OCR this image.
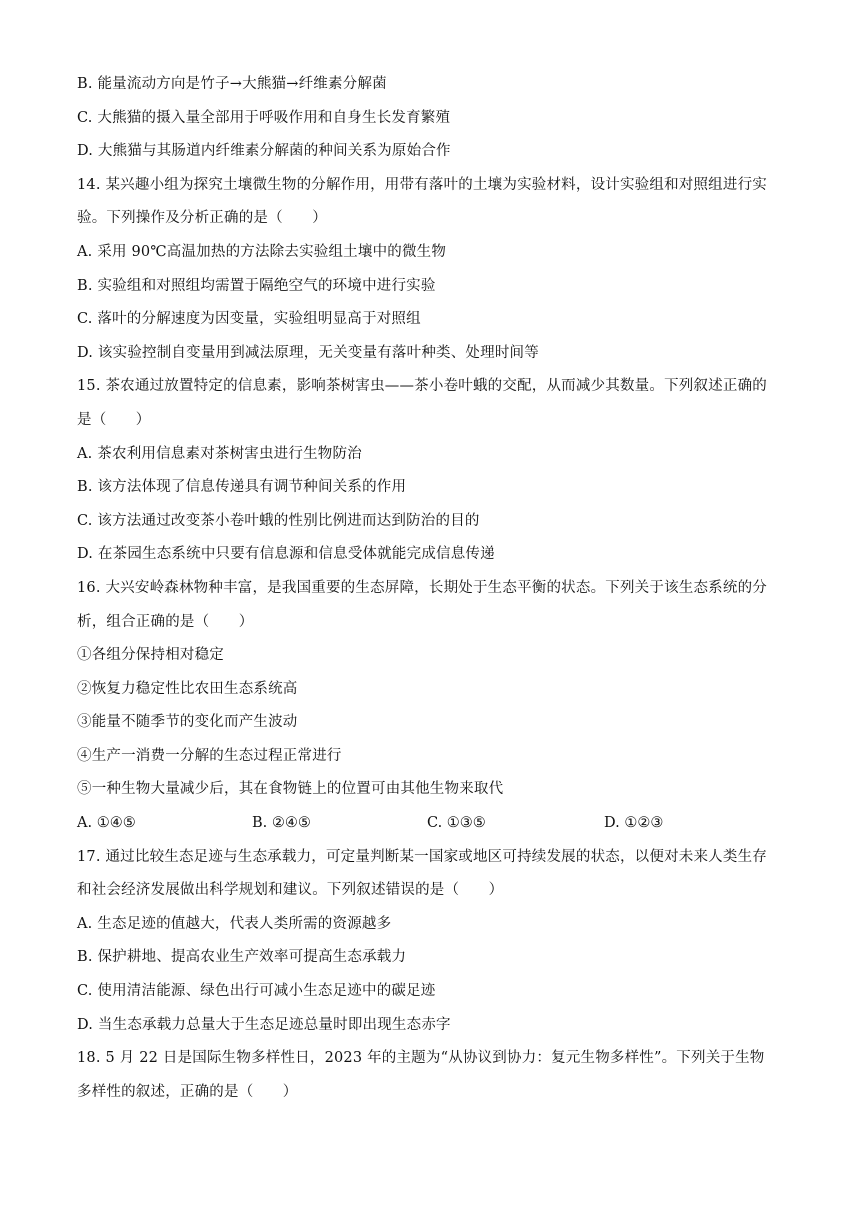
B. 能量流动方向是竹子→大熊猫→纤维素分解菌
C. 大熊猫的摄入量全部用于呼吸作用和自身生长发育繁殖
D. 大熊猫与其肠道内纤维素分解菌的种间关系为原始合作
14. 某兴趣小组为探究土壤微生物的分解作用，用带有落叶的土壤为实验材料，设计实验组和对照组进行实
验。下列操作及分析正确的是（　　）
A. 采用 90℃高温加热的方法除去实验组土壤中的微生物
B. 实验组和对照组均需置于隔绝空气的环境中进行实验
C. 落叶的分解速度为因变量，实验组明显高于对照组
D. 该实验控制自变量用到减法原理，无关变量有落叶种类、处理时间等
15. 茶农通过放置特定的信息素，影响茶树害虫——茶小卷叶蛾的交配，从而减少其数量。下列叙述正确的
是（　　）
A. 茶农利用信息素对茶树害虫进行生物防治
B. 该方法体现了信息传递具有调节种间关系的作用
C. 该方法通过改变茶小卷叶蛾的性别比例进而达到防治的目的
D. 在茶园生态系统中只要有信息源和信息受体就能完成信息传递
16. 大兴安岭森林物种丰富，是我国重要的生态屏障，长期处于生态平衡的状态。下列关于该生态系统的分
析，组合正确的是（　　）
①各组分保持相对稳定
②恢复力稳定性比农田生态系统高
③能量不随季节的变化而产生波动
④生产一消费一分解的生态过程正常进行
⑤一种生物大量减少后，其在食物链上的位置可由其他生物来取代
A. ①④⑤	B. ②④⑤	C. ①③⑤	D. ①②③
17. 通过比较生态足迹与生态承载力，可定量判断某一国家或地区可持续发展的状态，以便对未来人类生存
和社会经济发展做出科学规划和建议。下列叙述错误的是（　　）
A. 生态足迹的值越大，代表人类所需的资源越多
B. 保护耕地、提高农业生产效率可提高生态承载力
C. 使用清洁能源、绿色出行可减小生态足迹中的碳足迹
D. 当生态承载力总量大于生态足迹总量时即出现生态赤字
18. 5 月 22 日是国际生物多样性日，2023 年的主题为“从协议到协力：复元生物多样性”。下列关于生物
多样性的叙述，正确的是（　　）
